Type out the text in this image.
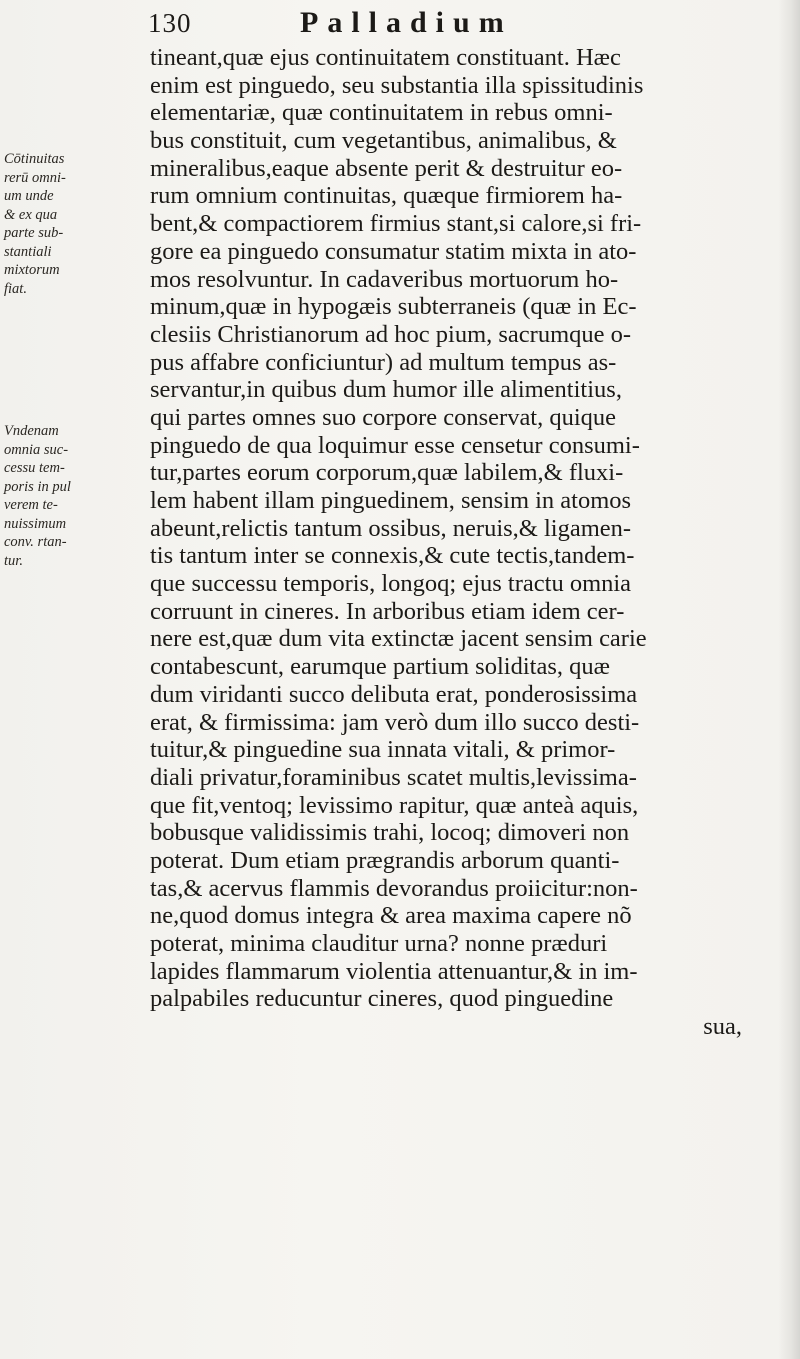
130	Palladium
Cōtinuitas
rerū omni-
um unde
& ex qua
parte sub-
stantiali
mixtorum
fiat.
Vndenam
omnia suc-
cessu tem-
poris in pul
verem te-
nuissimum
conv. rtan-
tur.
tineant,quæ ejus continuitatem constituant. Hæc
enim est pinguedo, seu substantia illa spissitudinis
elementariæ, quæ continuitatem in rebus omni-
bus constituit, cum vegetantibus, animalibus, &
mineralibus,eaque absente perit & destruitur eo-
rum omnium continuitas, quæque firmiorem ha-
bent,& compactiorem firmius stant,si calore,si fri-
gore ea pinguedo consumatur statim mixta in ato-
mos resolvuntur. In cadaveribus mortuorum ho-
minum,quæ in hypogæis subterraneis (quæ in Ec-
clesiis Christianorum ad hoc pium, sacrumque o-
pus affabre conficiuntur) ad multum tempus as-
servantur,in quibus dum humor ille alimentitius,
qui partes omnes suo corpore conservat, quique
pinguedo de qua loquimur esse censetur consumi-
tur,partes eorum corporum,quæ labilem,& fluxi-
lem habent illam pinguedinem, sensim in atomos
abeunt,relictis tantum ossibus, neruis,& ligamen-
tis tantum inter se connexis,& cute tectis,tandem-
que successu temporis, longoq; ejus tractu omnia
corruunt in cineres. In arboribus etiam idem cer-
nere est,quæ dum vita extinctæ jacent sensim carie
contabescunt, earumque partium soliditas, quæ
dum viridanti succo delibuta erat, ponderosissima
erat, & firmissima: jam verò dum illo succo desti-
tuitur,& pinguedine sua innata vitali, & primor-
diali privatur,foraminibus scatet multis,levissima-
que fit,ventoq; levissimo rapitur, quæ anteà aquis,
bobusque validissimis trahi, locoq; dimoveri non
poterat. Dum etiam prægrandis arborum quanti-
tas,& acervus flammis devorandus proiicitur:non-
ne,quod domus integra & area maxima capere nõ
poterat, minima clauditur urna? nonne præduri
lapides flammarum violentia attenuantur,& in im-
palpabiles reducuntur cineres, quod pinguedine
sua,
